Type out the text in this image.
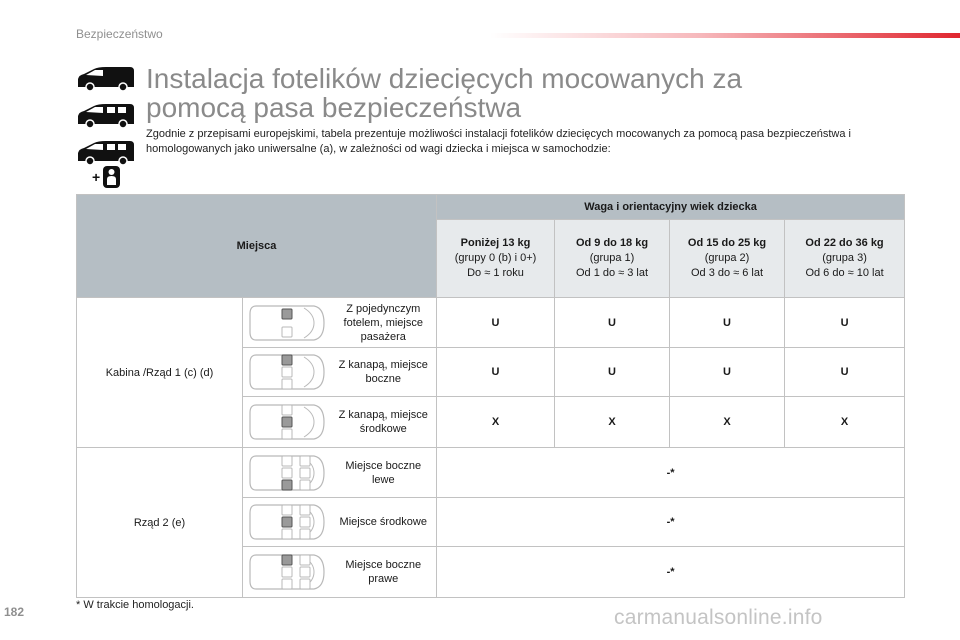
Bezpieczeństwo
+
Instalacja fotelików dziecięcych mocowanych za pomocą pasa bezpieczeństwa

Zgodnie z przepisami europejskimi, tabela prezentuje możliwości instalacji fotelików dziecięcych mocowanych za pomocą pasa bezpieczeństwa i homologowanych jako uniwersalne (a), w zależności od wagi dziecka i miejsca w samochodzie:

Miejsca			Waga i orientacyjny wiek dziecka			

			Poniżej 13 kg
(grupy 0 (b) i 0+)
Do ≈ 1 roku	Od 9 do 18 kg
(grupa 1)
Od 1 do ≈ 3 lat	Od 15 do 25 kg
(grupa 2)
Od 3 do ≈ 6 lat	Od 22 do 36 kg
(grupa 3)
Od 6 do ≈ 10 lat
Kabina /Rząd 1 (c) (d)		Z pojedynczym fotelem, miejsce pasażera	U	U	U	U

	Z kanapą, miejsce boczne	U	U	U	U

	Z kanapą, miejsce środkowe	X	X	X	X
Rząd 2 (e)		Miejsce boczne lewe	-*			

	Miejsce środkowe	-*			

	Miejsce boczne prawe	-*			
* W trakcie homologacji.
182	carmanualsonline.info
